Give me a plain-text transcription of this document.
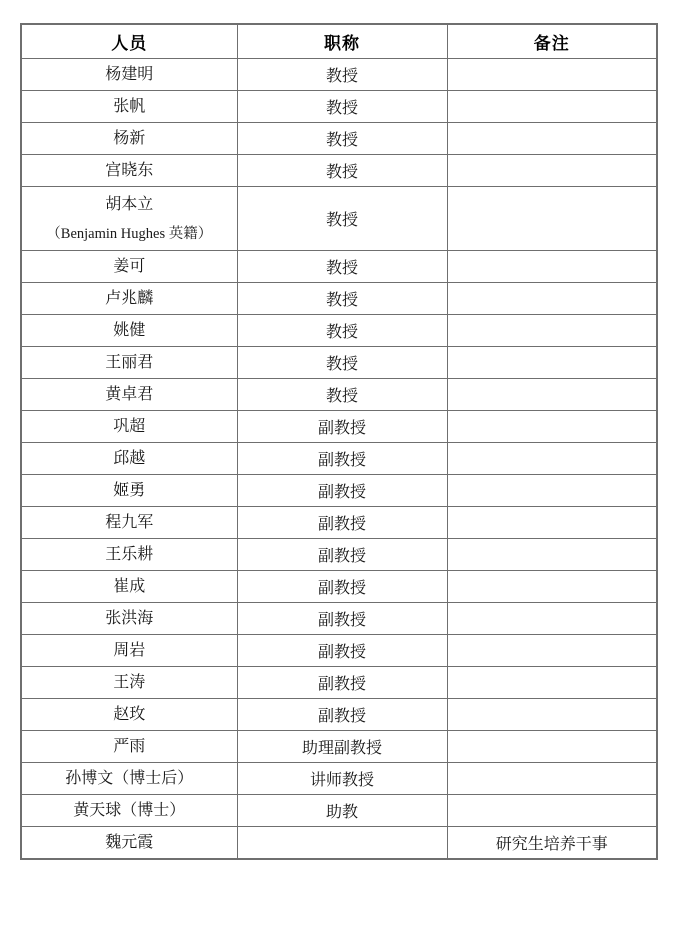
人员	职称	备注

杨建明	教授	

张帆	教授	

杨新	教授	

宫晓东	教授	

胡本立
（Benjamin Hughes 英籍）	教授	

姜可	教授	

卢兆麟	教授	

姚健	教授	

王丽君	教授	

黄卓君	教授	

巩超	副教授	

邱越	副教授	

姬勇	副教授	

程九军	副教授	

王乐耕	副教授	

崔成	副教授	

张洪海	副教授	

周岩	副教授	

王涛	副教授	

赵玫	副教授	

严雨	助理副教授	

孙博文（博士后）	讲师教授	

黄天球（博士）	助教	

魏元霞		研究生培养干事
